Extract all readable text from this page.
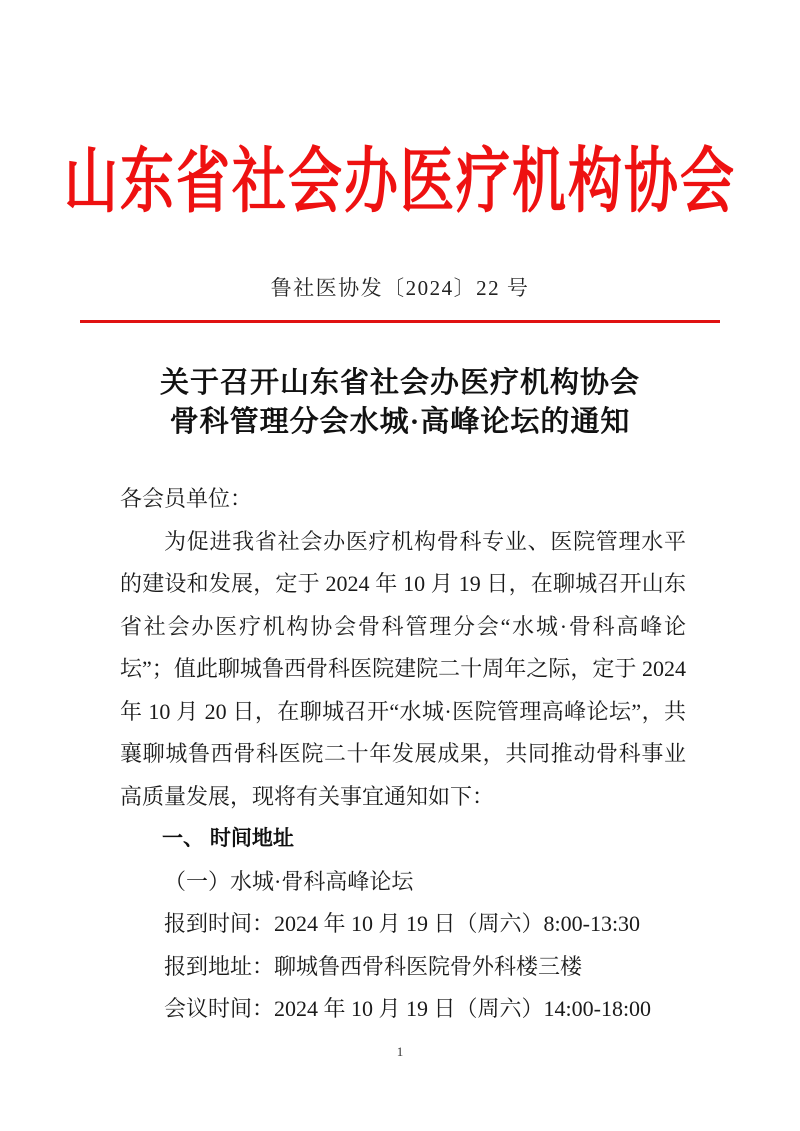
山东省社会办医疗机构协会
鲁社医协发〔2024〕22 号
关于召开山东省社会办医疗机构协会
骨科管理分会水城·高峰论坛的通知
各会员单位：
为促进我省社会办医疗机构骨科专业、医院管理水平的建设和发展，定于 2024 年 10 月 19 日，在聊城召开山东省社会办医疗机构协会骨科管理分会“水城·骨科高峰论坛”；值此聊城鲁西骨科医院建院二十周年之际，定于 2024 年 10 月 20 日，在聊城召开“水城·医院管理高峰论坛”，共襄聊城鲁西骨科医院二十年发展成果，共同推动骨科事业高质量发展，现将有关事宜通知如下：
一、 时间地址
（一）水城·骨科高峰论坛
报到时间：2024 年 10 月 19 日（周六）8:00-13:30
报到地址：聊城鲁西骨科医院骨外科楼三楼
会议时间：2024 年 10 月 19 日（周六）14:00-18:00
1
